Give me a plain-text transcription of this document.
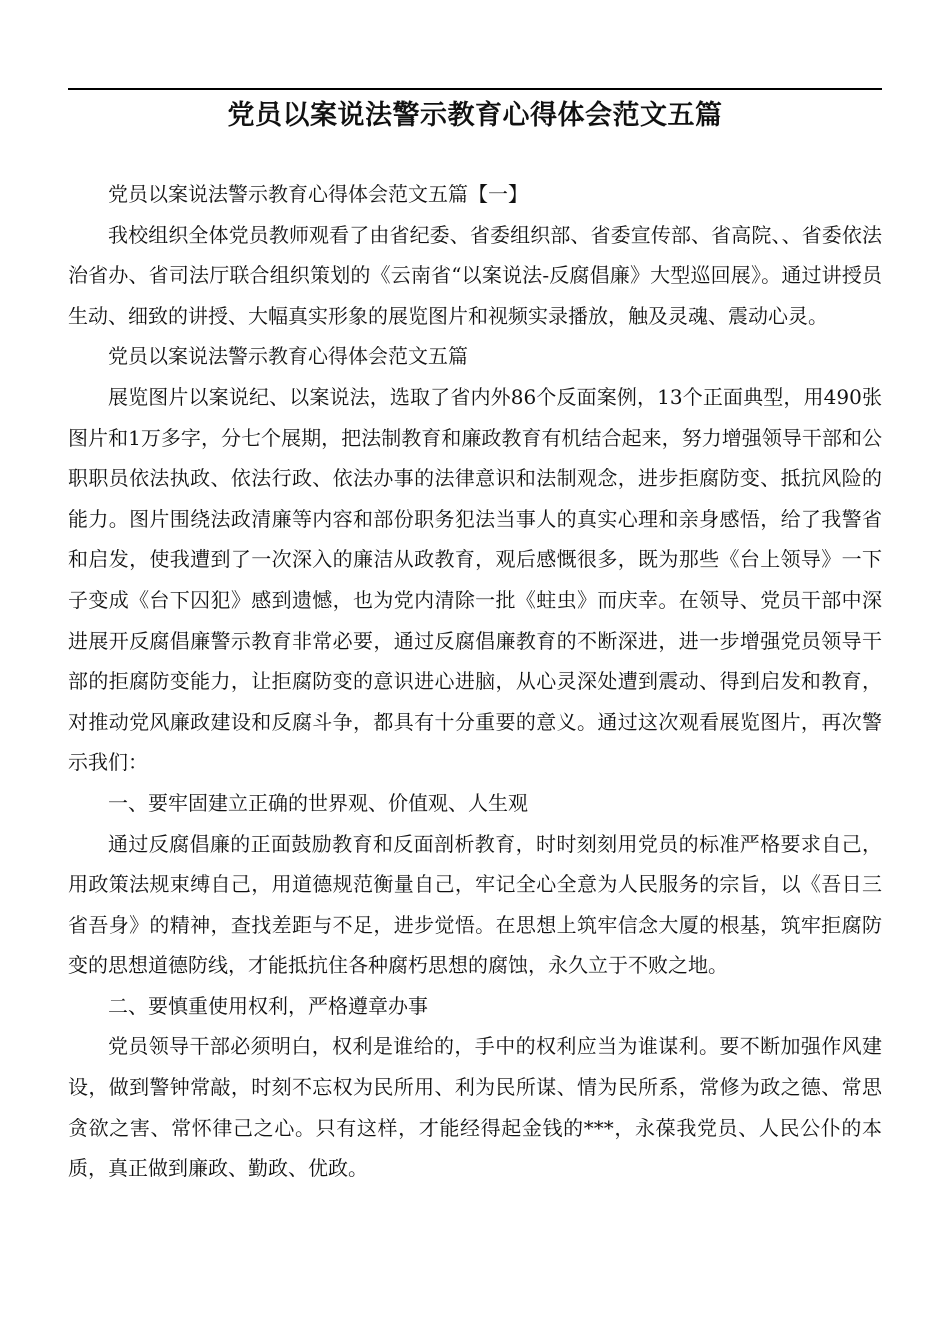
党员以案说法警示教育心得体会范文五篇

党员以案说法警示教育心得体会范文五篇【一】

我校组织全体党员教师观看了由省纪委、省委组织部、省委宣传部、省高院、、省委依法治省办、省司法厅联合组织策划的《云南省“以案说法-反腐倡廉》大型巡回展》。通过讲授员生动、细致的讲授、大幅真实形象的展览图片和视频实录播放，触及灵魂、震动心灵。

党员以案说法警示教育心得体会范文五篇

展览图片以案说纪、以案说法，选取了省内外86个反面案例，13个正面典型，用490张图片和1万多字，分七个展期，把法制教育和廉政教育有机结合起来，努力增强领导干部和公职职员依法执政、依法行政、依法办事的法律意识和法制观念，进步拒腐防变、抵抗风险的能力。图片围绕法政清廉等内容和部份职务犯法当事人的真实心理和亲身感悟，给了我警省和启发，使我遭到了一次深入的廉洁从政教育，观后感慨很多，既为那些《台上领导》一下子变成《台下囚犯》感到遗憾，也为党内清除一批《蛀虫》而庆幸。在领导、党员干部中深进展开反腐倡廉警示教育非常必要，通过反腐倡廉教育的不断深进，进一步增强党员领导干部的拒腐防变能力，让拒腐防变的意识进心进脑，从心灵深处遭到震动、得到启发和教育，对推动党风廉政建设和反腐斗争，都具有十分重要的意义。通过这次观看展览图片，再次警示我们：

一、要牢固建立正确的世界观、价值观、人生观

通过反腐倡廉的正面鼓励教育和反面剖析教育，时时刻刻用党员的标准严格要求自己，用政策法规束缚自己，用道德规范衡量自己，牢记全心全意为人民服务的宗旨，以《吾日三省吾身》的精神，查找差距与不足，进步觉悟。在思想上筑牢信念大厦的根基，筑牢拒腐防变的思想道德防线，才能抵抗住各种腐朽思想的腐蚀，永久立于不败之地。

二、要慎重使用权利，严格遵章办事

党员领导干部必须明白，权利是谁给的，手中的权利应当为谁谋利。要不断加强作风建设，做到警钟常敲，时刻不忘权为民所用、利为民所谋、情为民所系，常修为政之德、常思贪欲之害、常怀律己之心。只有这样，才能经得起金钱的***，永葆我党员、人民公仆的本质，真正做到廉政、勤政、优政。
